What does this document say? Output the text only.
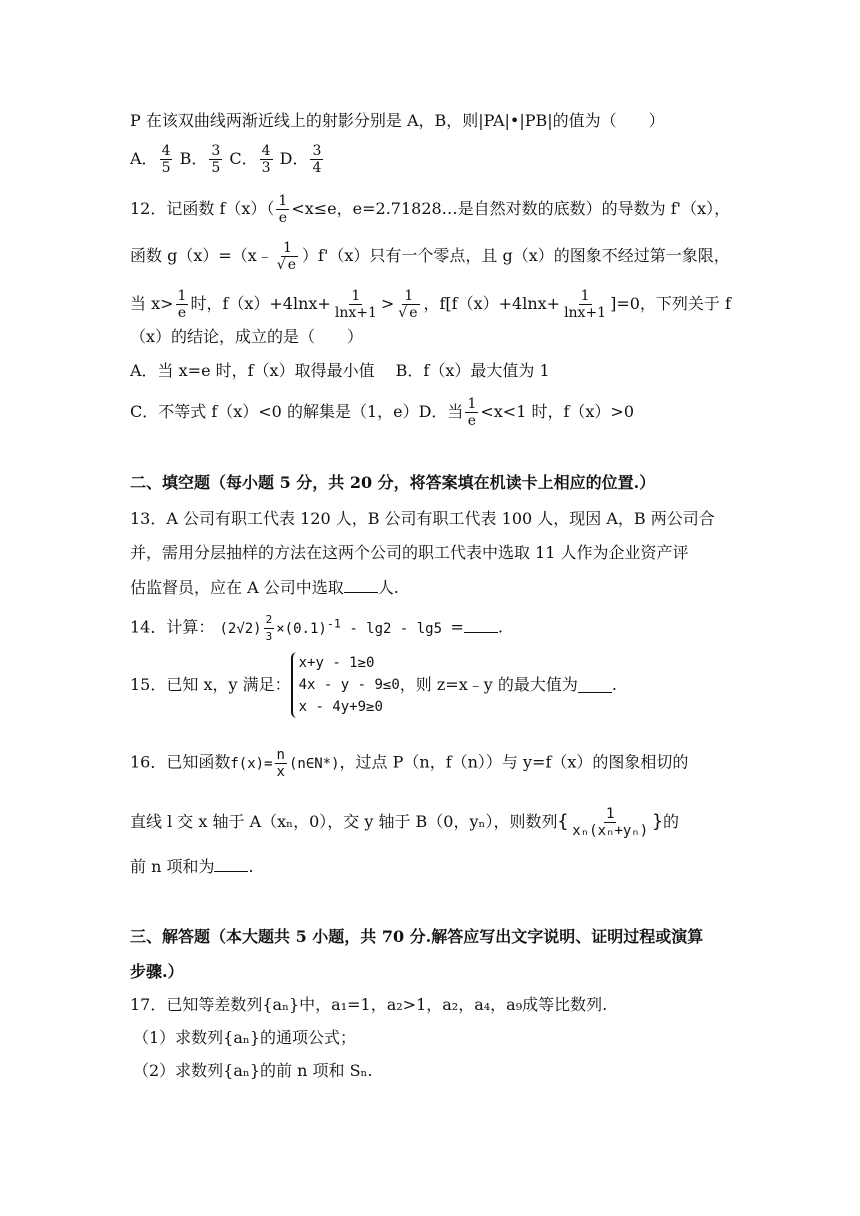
P 在该双曲线两渐近线上的射影分别是 A，B，则|PA|•|PB|的值为（　　）
A． $\frac{4}{5}$ B． $\frac{3}{5}$ C． $\frac{4}{3}$ D． $\frac{3}{4}$
12．记函数 $f(x)( \frac{1}{e} <x\le e$，e=2.71828…是自然对数的底数）的导数为 f'（x），
函数 g（x）=（x﹣ $\frac{1}{√ e} )f'(x)$只有一个零点，且 g（x）的图象不经过第一象限，
当 $x> \frac{1}{e}$ 时，$f(x)+4\ln x+ \frac{1}{\ln x+1} > \frac{1}{√ e}$ ，$f[f(x)+4\ln x+ \frac{1}{\ln x+1} ]=0$，下列关于 f
（x）的结论，成立的是（　　）
A．当 x=e 时，f（x）取得最小值　 B．f（x）最大值为 1
C．不等式 f（x）<0 的解集是（1，e）D．当 $\frac{1}{e} <x<1$ 时，f（x）>0
二、填空题（每小题 5 分，共 20 分，将答案填在机读卡上相应的位置.）
13．A 公司有职工代表 120 人，B 公司有职工代表 100 人，现因 A，B 两公司合
并，需用分层抽样的方法在这两个公司的职工代表中选取 11 人作为企业资产评
估监督员，应在 A 公司中选取 人.
14．计算： $(2√2) \frac{2}{3} \times(0.1)^{-1} - \lg 2 - \lg 5$ = .
15．已知 x，y 满足：
x+y - 1≥0
4x - y - 9≤0
x - 4y+9≥0
，则 z=x﹣y 的最大值为 .
16．已知函数$f(x)= \frac{n}{x}$ (n∈N*)，过点 P（n，f（n））与 y=f（x）的图象相切的
直线 l 交 x 轴于 A（xₙ，0），交 y 轴于 B（0，yₙ），则数列{ $\frac{1}{\text{xₙ(xₙ+yₙ)}}$ }的
前 n 项和为 .
三、解答题（本大题共 5 小题，共 70 分.解答应写出文字说明、证明过程或演算
步骤.）
17．已知等差数列{aₙ}中，a₁=1，a₂>1，a₂，a₄，a₉成等比数列.
（1）求数列{aₙ}的通项公式；
（2）求数列{aₙ}的前 n 项和 Sₙ.
